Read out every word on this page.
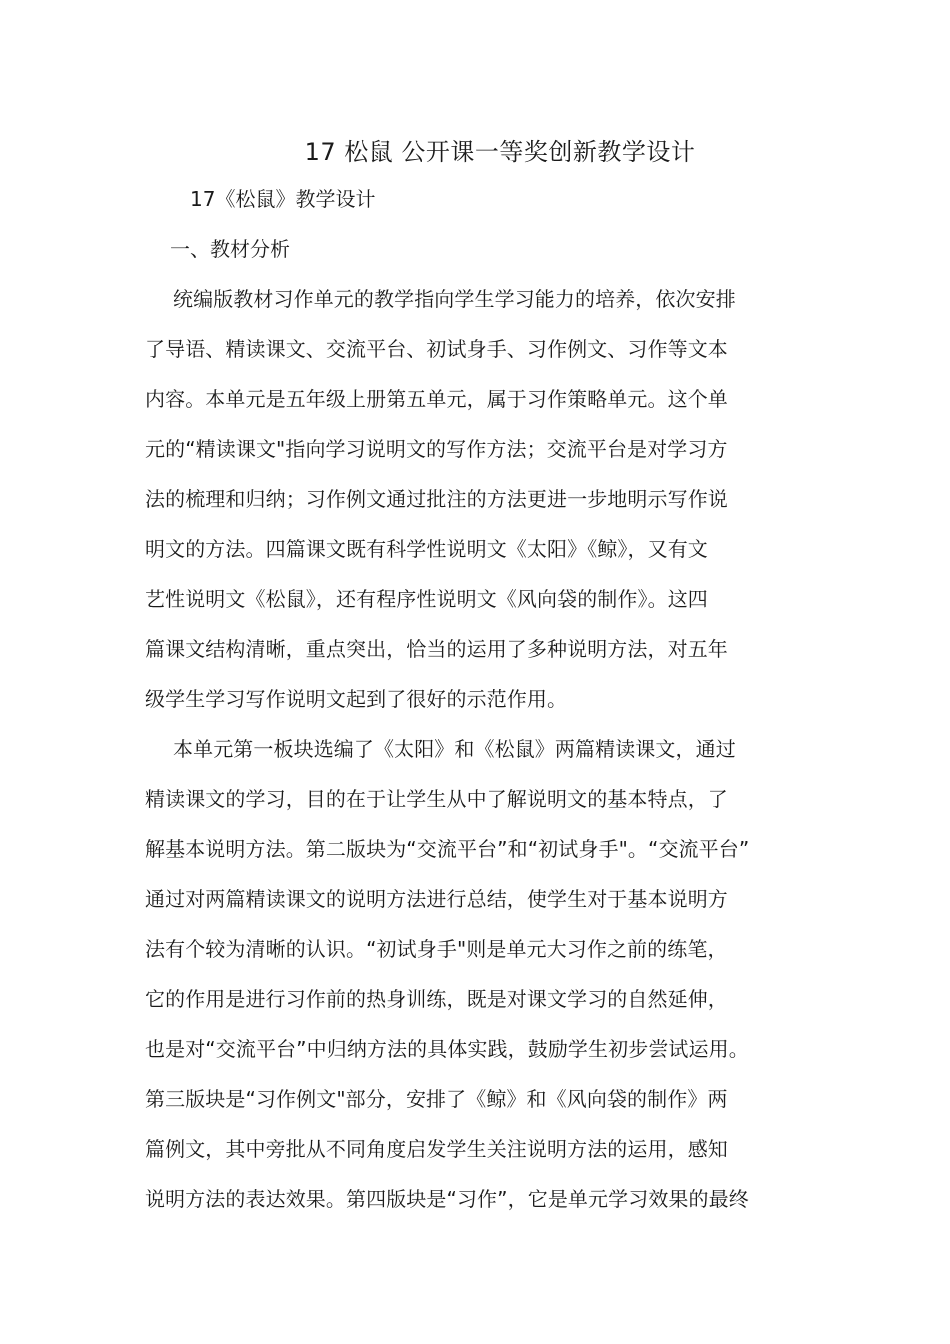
17 松鼠 公开课一等奖创新教学设计
17《松鼠》教学设计
一、教材分析
统编版教材习作单元的教学指向学生学习能力的培养，依次安排
了导语、精读课文、交流平台、初试身手、习作例文、习作等文本
内容。本单元是五年级上册第五单元，属于习作策略单元。这个单
元的“精读课文"指向学习说明文的写作方法；交流平台是对学习方
法的梳理和归纳；习作例文通过批注的方法更进一步地明示写作说
明文的方法。四篇课文既有科学性说明文《太阳》《鲸》，又有文
艺性说明文《松鼠》，还有程序性说明文《风向袋的制作》。这四
篇课文结构清晰，重点突出，恰当的运用了多种说明方法，对五年
级学生学习写作说明文起到了很好的示范作用。
本单元第一板块选编了《太阳》和《松鼠》两篇精读课文，通过
精读课文的学习，目的在于让学生从中了解说明文的基本特点，了
解基本说明方法。第二版块为“交流平台”和“初试身手"。“交流平台”
通过对两篇精读课文的说明方法进行总结，使学生对于基本说明方
法有个较为清晰的认识。“初试身手"则是单元大习作之前的练笔，
它的作用是进行习作前的热身训练，既是对课文学习的自然延伸，
也是对“交流平台”中归纳方法的具体实践，鼓励学生初步尝试运用。
第三版块是“习作例文"部分，安排了《鲸》和《风向袋的制作》两
篇例文，其中旁批从不同角度启发学生关注说明方法的运用，感知
说明方法的表达效果。第四版块是“习作”，它是单元学习效果的最终
